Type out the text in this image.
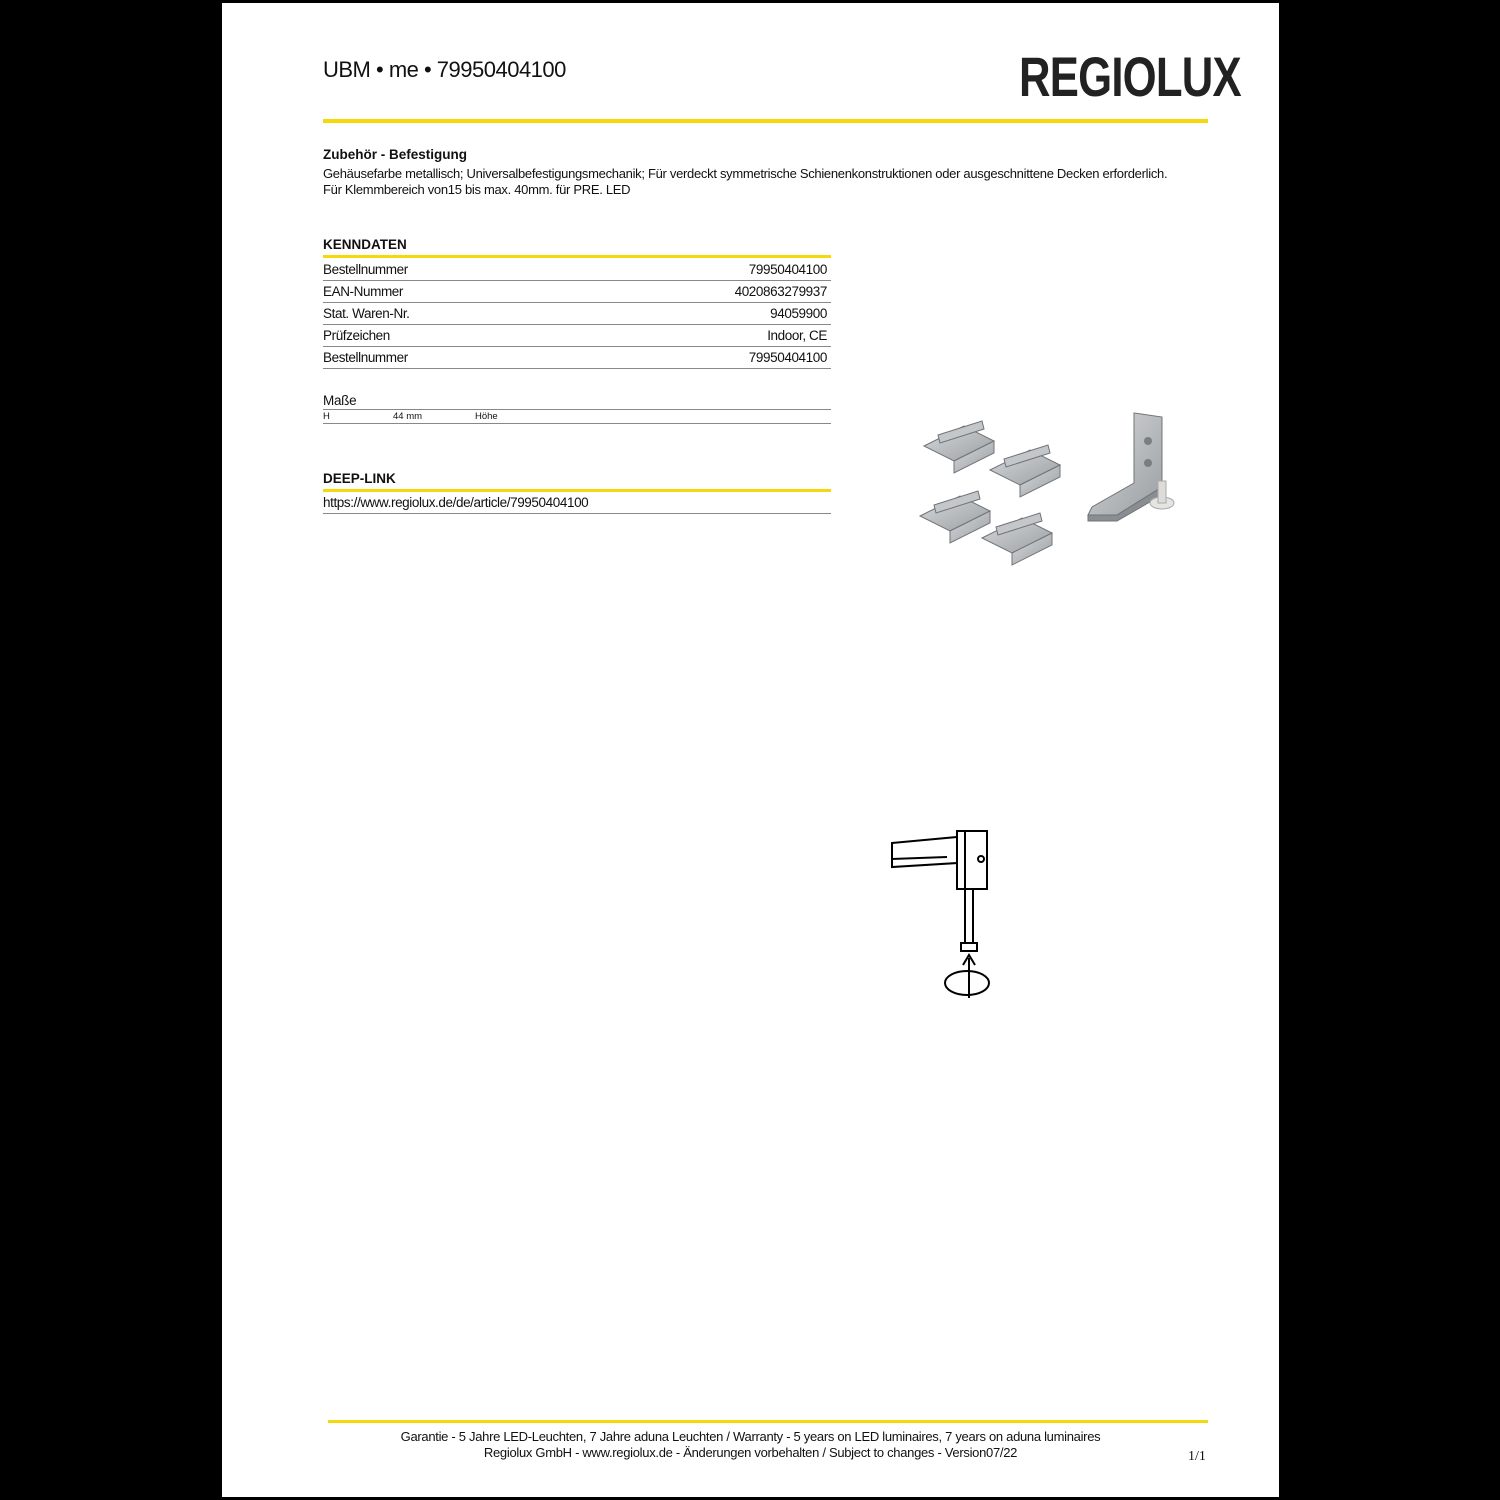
UBM • me • 79950404100	REGIOLUX
Zubehör - Befestigung
Gehäusefarbe metallisch; Universalbefestigungsmechanik; Für verdeckt symmetrische Schienenkonstruktionen oder ausgeschnittene Decken erforderlich. Für Klemmbereich von15 bis max. 40mm. für PRE. LED
KENNDATEN
Bestellnummer	79950404100
EAN-Nummer	4020863279937
Stat. Waren-Nr.	94059900
Prüfzeichen	Indoor, CE
Bestellnummer	79950404100
Maße
H	44 mm	Höhe
DEEP-LINK
https://www.regiolux.de/de/article/79950404100
Garantie - 5 Jahre LED-Leuchten, 7 Jahre aduna Leuchten / Warranty - 5 years on LED luminaires, 7 years on aduna luminaires
Regiolux GmbH - www.regiolux.de - Änderungen vorbehalten / Subject to changes - Version07/22	1/1
